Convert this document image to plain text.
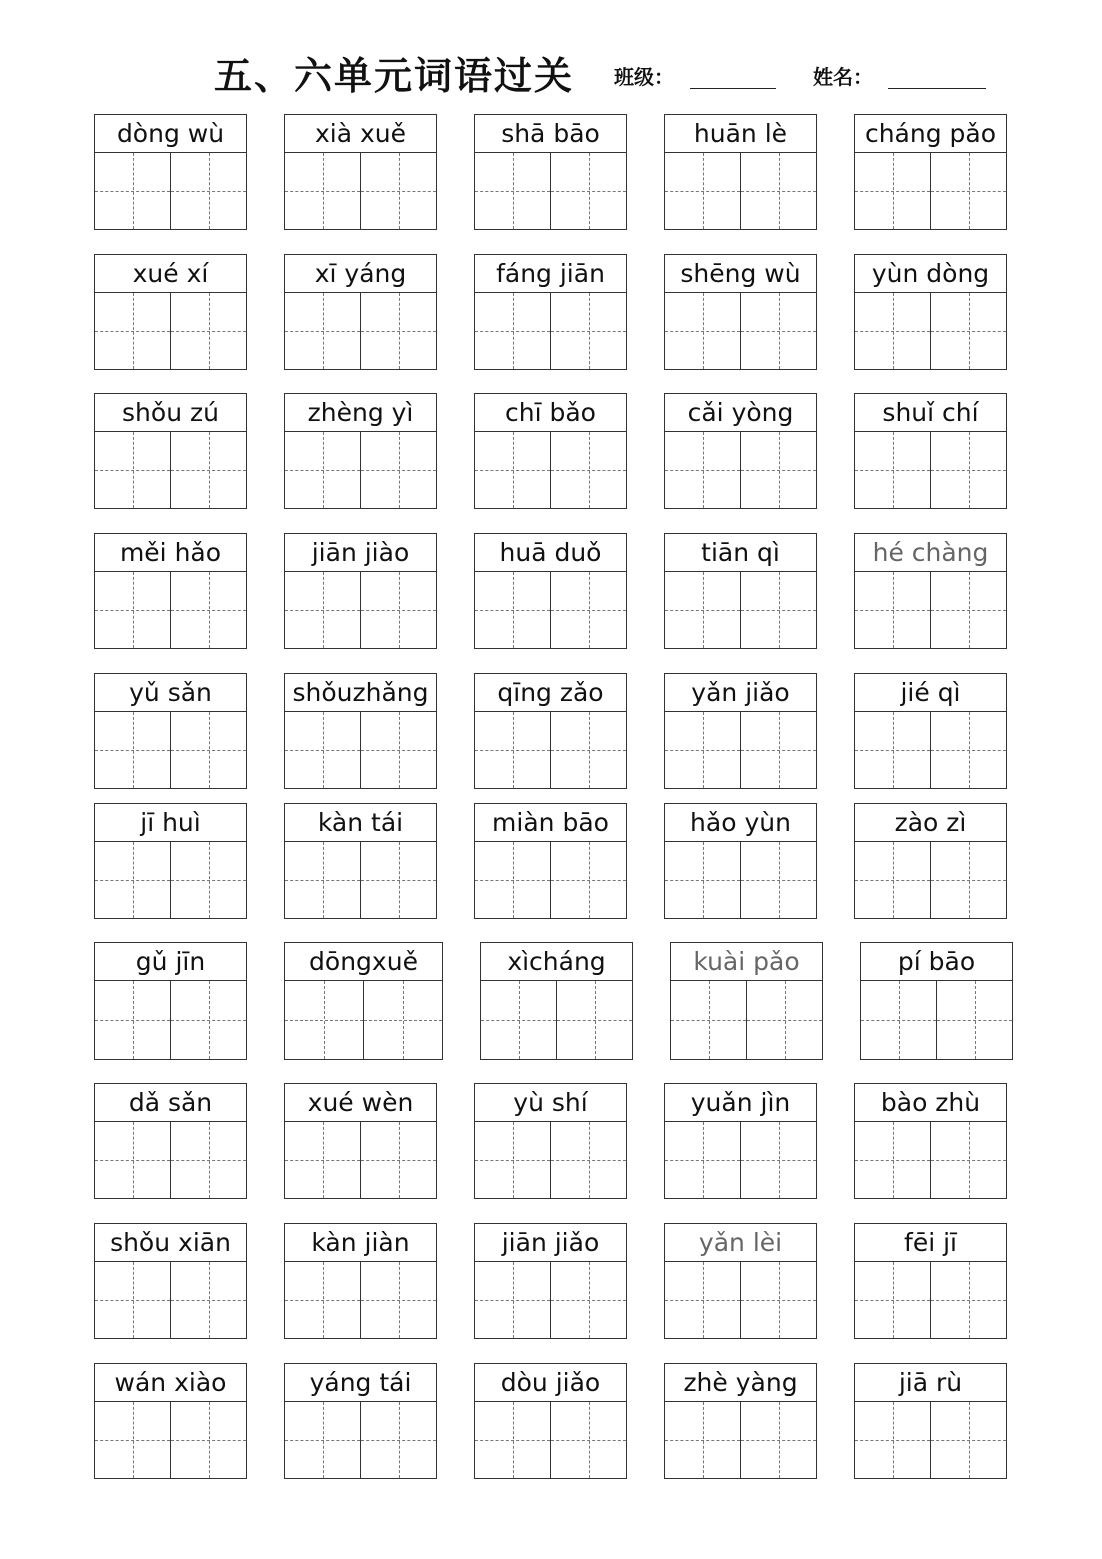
五、六单元词语过关 班级：	姓名：
dòng wù	xià xuě	shā bāo	huān lè	cháng pǎo
xué xí	xī yáng	fáng jiān	shēng wù	yùn dòng
shǒu zú	zhèng yì	chī bǎo	cǎi yòng	shuǐ chí
měi hǎo	jiān jiào	huā duǒ	tiān qì	hé chàng
yǔ sǎn	shǒuzhǎng	qīng zǎo	yǎn jiǎo	jié qì
jī huì	kàn tái	miàn bāo	hǎo yùn	zào zì
gǔ jīn	dōngxuě	xìcháng	kuài pǎo	pí bāo
dǎ sǎn	xué wèn	yù shí	yuǎn jìn	bào zhù
shǒu xiān	kàn jiàn	jiān jiǎo	yǎn lèi	fēi jī
wán xiào	yáng tái	dòu jiǎo	zhè yàng	jiā rù
